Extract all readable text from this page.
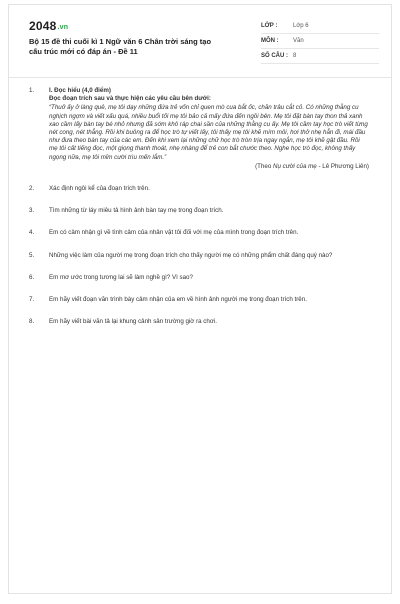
2048.vn
Bộ 15 đề thi cuối kì 1 Ngữ văn 6 Chân trời sáng tạo cấu trúc mới có đáp án - Đề 11
LỚP :	Lớp 6
MÔN :	Văn
SỐ CÂU : 8
1.	I. Đọc hiểu (4,0 điểm)
Đọc đoạn trích sau và thực hiện các yêu cầu bên dưới:
“Thuở ấy ở làng quê, mẹ tôi dạy những đứa trẻ vốn chỉ quen mò cua bắt ốc, chăn trâu cắt cỏ. Có những thằng cu nghịch ngợm và viết xấu quá, nhiều buổi tối mẹ tôi bảo cả mấy đứa đến ngồi bên. Mẹ tôi đặt bàn tay thon thả xanh xao cầm lấy bàn tay bé nhỏ nhưng đã sớm khô ráp chai sần của những thằng cu ấy. Mẹ tôi cầm tay học trò viết từng nét cong, nét thẳng. Rồi khi buông ra để học trò tự viết lấy, tôi thấy mẹ tôi khẽ mím môi, hơi thở nhẹ hẳn đi, mái đầu như đưa theo bàn tay của các em. Đến khi xem lại những chữ học trò tròn trịa ngay ngắn, mẹ tôi khẽ gật đầu. Rồi mẹ tôi cất tiếng đọc, một giọng thanh thoát, nhẹ nhàng để trẻ con bắt chước theo. Nghe học trò đọc, không thấy ngọng nữa, mẹ tôi mỉm cười trìu mến lắm.”
(Theo Nụ cười của mẹ - Lê Phương Liên)
2.	Xác định ngôi kể của đoạn trích trên.
3.	Tìm những từ láy miêu tả hình ảnh bàn tay mẹ trong đoạn trích.
4.	Em có cảm nhận gì về tình cảm của nhân vật tôi đối với mẹ của mình trong đoạn trích trên.
5.	Những việc làm của người mẹ trong đoạn trích cho thấy người mẹ có những phẩm chất đáng quý nào?
6.	Em mơ ước trong tương lai sẽ làm nghề gì? Vì sao?
7.	Em hãy viết đoạn văn trình bày cảm nhận của em về hình ảnh người mẹ trong đoạn trích trên.
8.	Em hãy viết bài văn tả lại khung cảnh sân trường giờ ra chơi.
